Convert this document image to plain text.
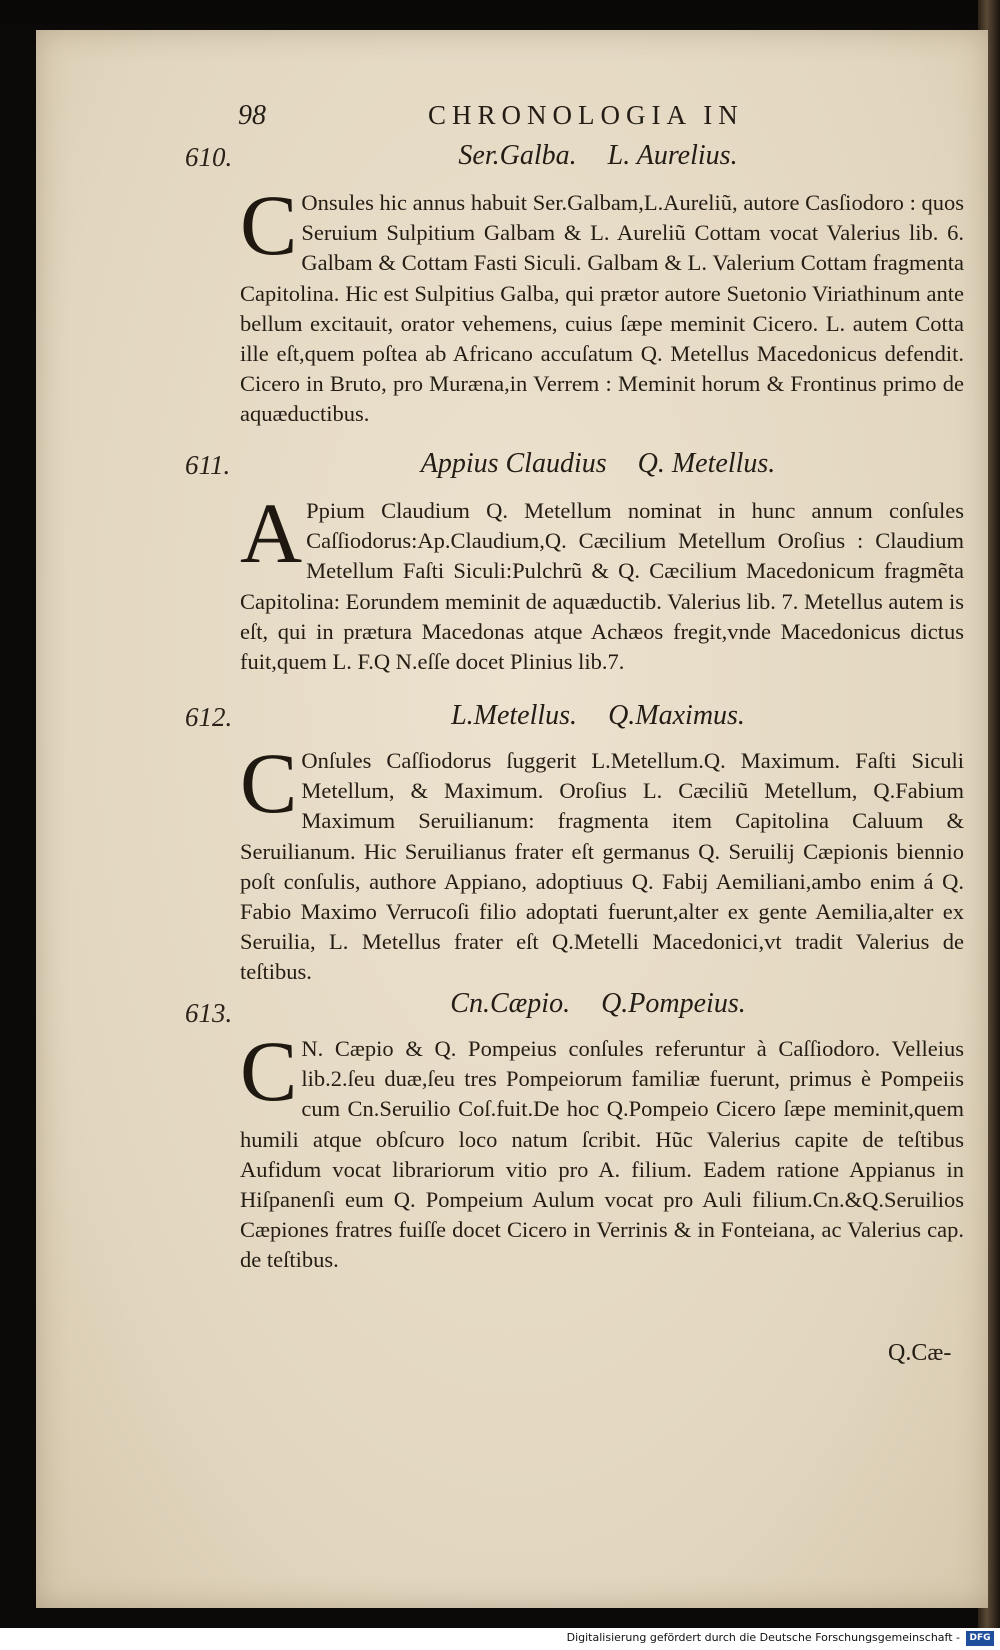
98	CHRONOLOGIA IN
610.	Ser.Galba. L. Aurelius.
C Onsules hic annus habuit Ser.Galbam,L.Aureliũ, autore Casſiodoro : quos Seruium Sulpitium Galbam & L. Aureliũ Cottam vocat Valerius lib. 6. Galbam & Cottam Fasti Siculi. Galbam & L. Valerium Cottam fragmenta Capitolina. Hic est Sulpitius Galba, qui prætor autore Suetonio Viriathinum ante bellum excitauit, orator vehemens, cuius ſæpe meminit Cicero. L. autem Cotta ille eſt,quem poſtea ab Africano accuſatum Q. Metellus Macedonicus defendit. Cicero in Bruto, pro Muræna,in Verrem : Meminit horum & Frontinus primo de aquæductibus.
611.	Appius Claudius Q. Metellus.
A Ppium Claudium Q. Metellum nominat in hunc annum conſules Caſſiodorus:Ap.Claudium,Q. Cæcilium Metellum Oroſius : Claudium Metellum Faſti Siculi:Pulchrũ & Q. Cæcilium Macedonicum fragmẽta Capitolina: Eorundem meminit de aquæductib. Valerius lib. 7. Metellus autem is eſt, qui in prætura Macedonas atque Achæos fregit,vnde Macedonicus dictus fuit,quem L. F.Q N.eſſe docet Plinius lib.7.
612.	L.Metellus. Q.Maximus.
C Onſules Caſſiodorus ſuggerit L.Metellum.Q. Maximum. Faſti Siculi Metellum, & Maximum. Oroſius L. Cæciliũ Metellum, Q.Fabium Maximum Seruilianum: fragmenta item Capitolina Caluum & Seruilianum. Hic Seruilianus frater eſt germanus Q. Seruilij Cæpionis biennio poſt conſulis, authore Appiano, adoptiuus Q. Fabij Aemiliani,ambo enim á Q. Fabio Maximo Verrucoſi filio adoptati fuerunt,alter ex gente Aemilia,alter ex Seruilia, L. Metellus frater eſt Q.Metelli Macedonici,vt tradit Valerius de teſtibus.
613.	Cn.Cæpio. Q.Pompeius.
C N. Cæpio & Q. Pompeius conſules referuntur à Caſſiodoro. Velleius lib.2.ſeu duæ,ſeu tres Pompeiorum familiæ fuerunt, primus è Pompeiis cum Cn.Seruilio Coſ.fuit.De hoc Q.Pompeio Cicero ſæpe meminit,quem humili atque obſcuro loco natum ſcribit. Hũc Valerius capite de teſtibus Aufidum vocat librariorum vitio pro A. filium. Eadem ratione Appianus in Hiſpanenſi eum Q. Pompeium Aulum vocat pro Auli filium.Cn.&Q.Seruilios Cæpiones fratres fuiſſe docet Cicero in Verrinis & in Fonteiana, ac Valerius cap. de teſtibus.
Q.Cæ-
Digitalisierung gefördert durch die Deutsche Forschungsgemeinschaft -	DFG
